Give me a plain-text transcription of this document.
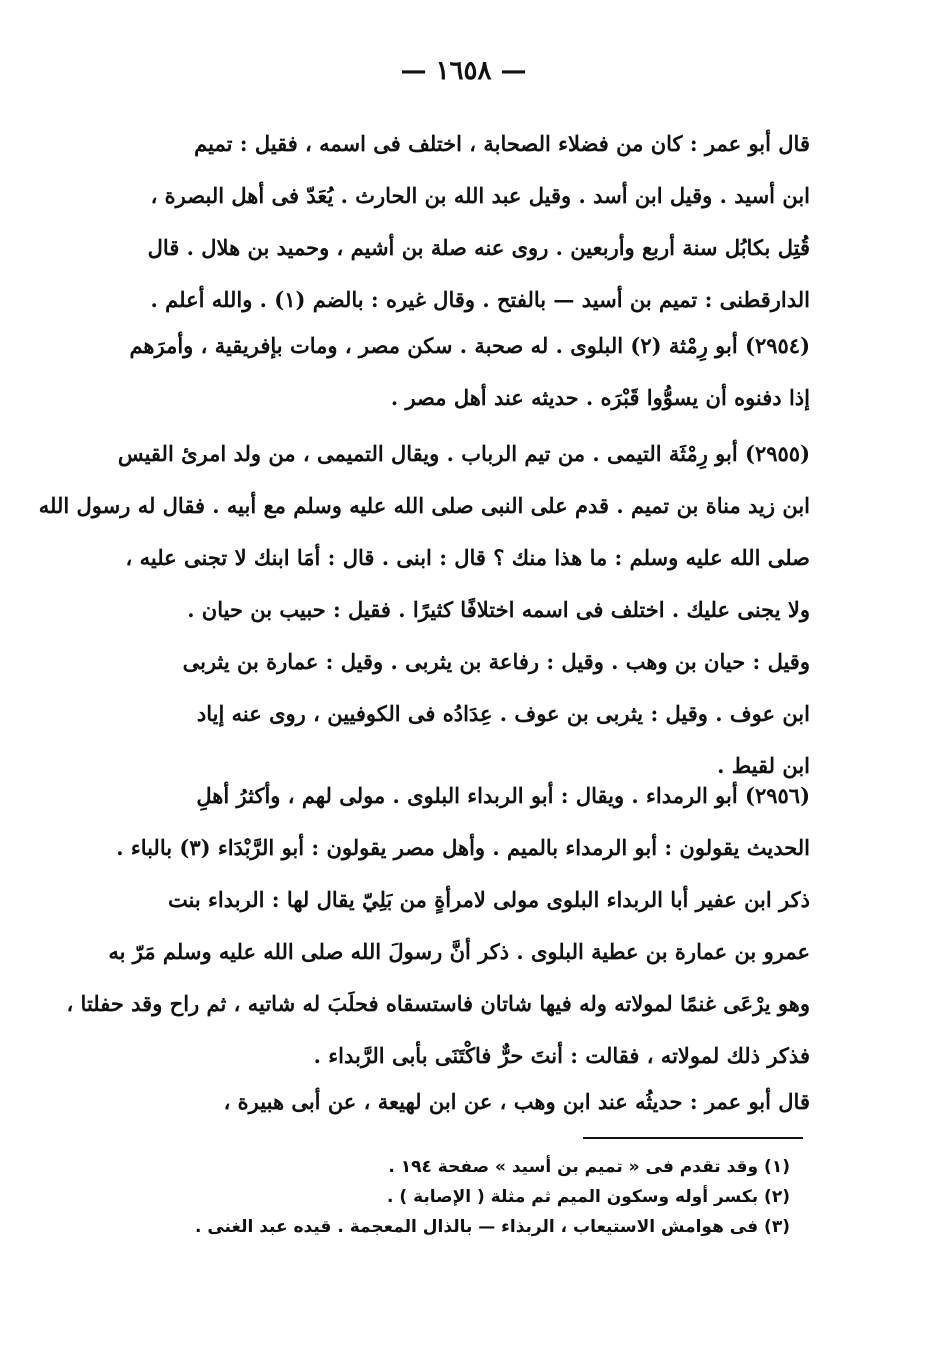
— ١٦٥٨ —
قال أبو عمر : كان من فضلاء الصحابة ، اختلف فى اسمه ، فقيل : تميم
ابن أسيد . وقيل ابن أسد . وقيل عبد الله بن الحارث . يُعَدّ فى أهل البصرة ،
قُتِل بكابُل سنة أربع وأربعين . روى عنه صلة بن أشيم ، وحميد بن هلال . قال
الدارقطنى : تميم بن أسيد — بالفتح . وقال غيره : بالضم (١) . والله أعلم .
(٢٩٥٤) أبو رِمْثة (٢) البلوى . له صحبة . سكن مصر ، ومات بإفريقية ، وأمرَهم
إذا دفنوه أن يسوُّوا قَبْرَه . حديثه عند أهل مصر .
(٢٩٥٥) أبو رِمْثَة التيمى . من تيم الرباب . ويقال التميمى ، من ولد امرئ القيس
ابن زيد مناة بن تميم . قدم على النبى صلى الله عليه وسلم مع أبيه . فقال له رسول الله
صلى الله عليه وسلم : ما هذا منك ؟ قال : ابنى . قال : أمَا ابنك لا تجنى عليه ،
ولا يجنى عليك . اختلف فى اسمه اختلافًا كثيرًا . فقيل : حبيب بن حيان .
وقيل : حيان بن وهب . وقيل : رفاعة بن يثربى . وقيل : عمارة بن يثربى
ابن عوف . وقيل : يثربى بن عوف . عِدَادُه فى الكوفيين ، روى عنه إياد
ابن لقيط .
(٢٩٥٦) أبو الرمداء . ويقال : أبو الربداء البلوى . مولى لهم ، وأكثرُ أهلِ
الحديث يقولون : أبو الرمداء بالميم . وأهل مصر يقولون : أبو الرَّبْدَاء (٣) بالباء .
ذكر ابن عفير أبا الربداء البلوى مولى لامرأةٍ من بَلِيّ يقال لها : الربداء بنت
عمرو بن عمارة بن عطية البلوى . ذكر أنَّ رسولَ الله صلى الله عليه وسلم مَرّ به
وهو يرْعَى غنمًا لمولاته وله فيها شاتان فاستسقاه فحلَبَ له شاتيه ، ثم راح وقد حفلتا ،
فذكر ذلك لمولاته ، فقالت : أنتَ حرٌّ فاكْتَنَى بأبى الرَّبداء .
قال أبو عمر : حديثُه عند ابن وهب ، عن ابن لهيعة ، عن أبى هبيرة ،
(١) وقد تقدم فى « تميم بن أسيد » صفحة ١٩٤ .
(٢) بكسر أوله وسكون الميم ثم مثلة ( الإصابة ) .
(٣) فى هوامش الاستيعاب ، الربذاء — بالذال المعجمة . قيده عبد الغنى .
